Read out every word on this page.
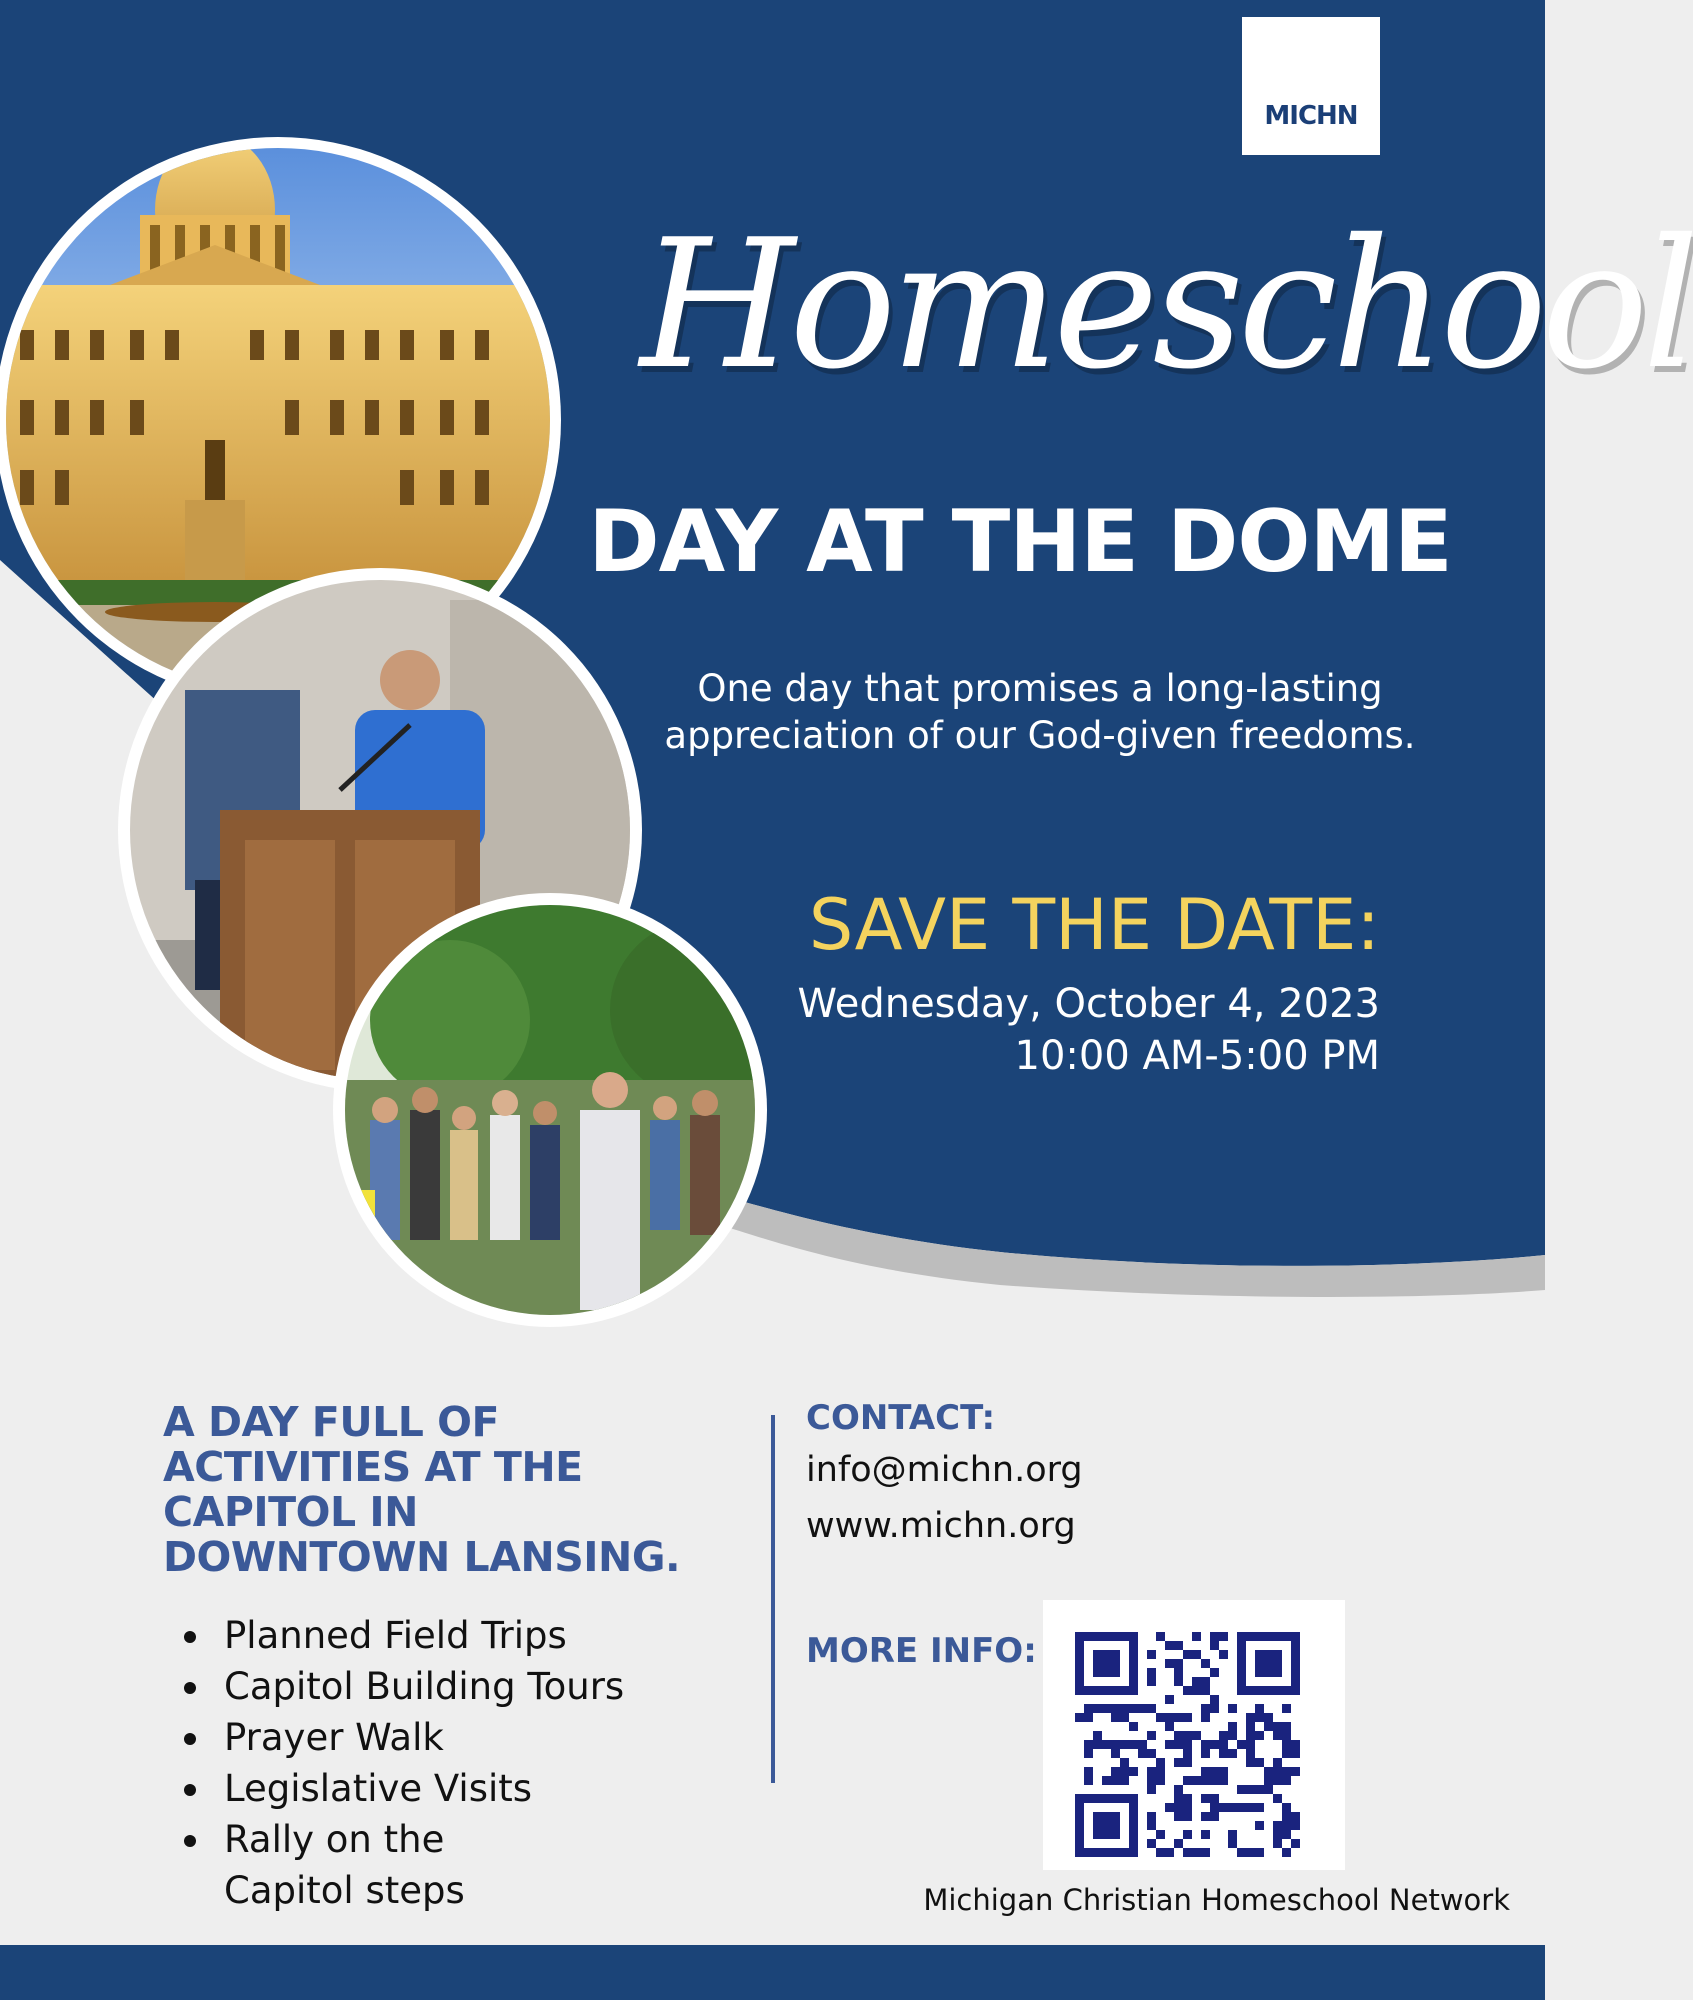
MICHN
Homeschool
DAY AT THE DOME
One day that promises a long-lasting
appreciation of our God-given freedoms.
SAVE THE DATE:
Wednesday, October 4, 2023
10:00 AM-5:00 PM
A DAY FULL OF
ACTIVITIES AT THE
CAPITOL IN
DOWNTOWN LANSING.
Planned Field Trips
Capitol Building Tours
Prayer Walk
Legislative Visits
Rally on the Capitol steps
CONTACT:
info@michn.org
www.michn.org
MORE INFO:
Michigan Christian Homeschool Network
